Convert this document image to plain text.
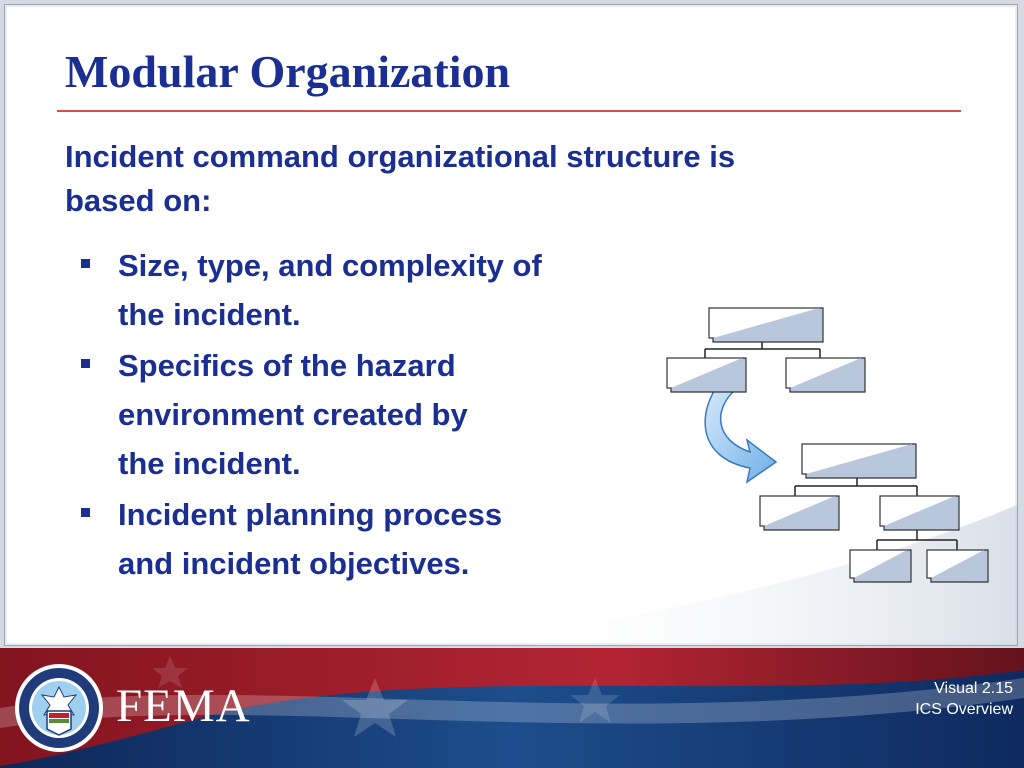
Modular Organization

Incident command organizational structure is
based on:

Size, type, and complexity of
the incident.
Specifics of the hazard
environment created by
the incident.
Incident planning process
and incident objectives.
FEMA	Visual 2.15
ICS Overview
